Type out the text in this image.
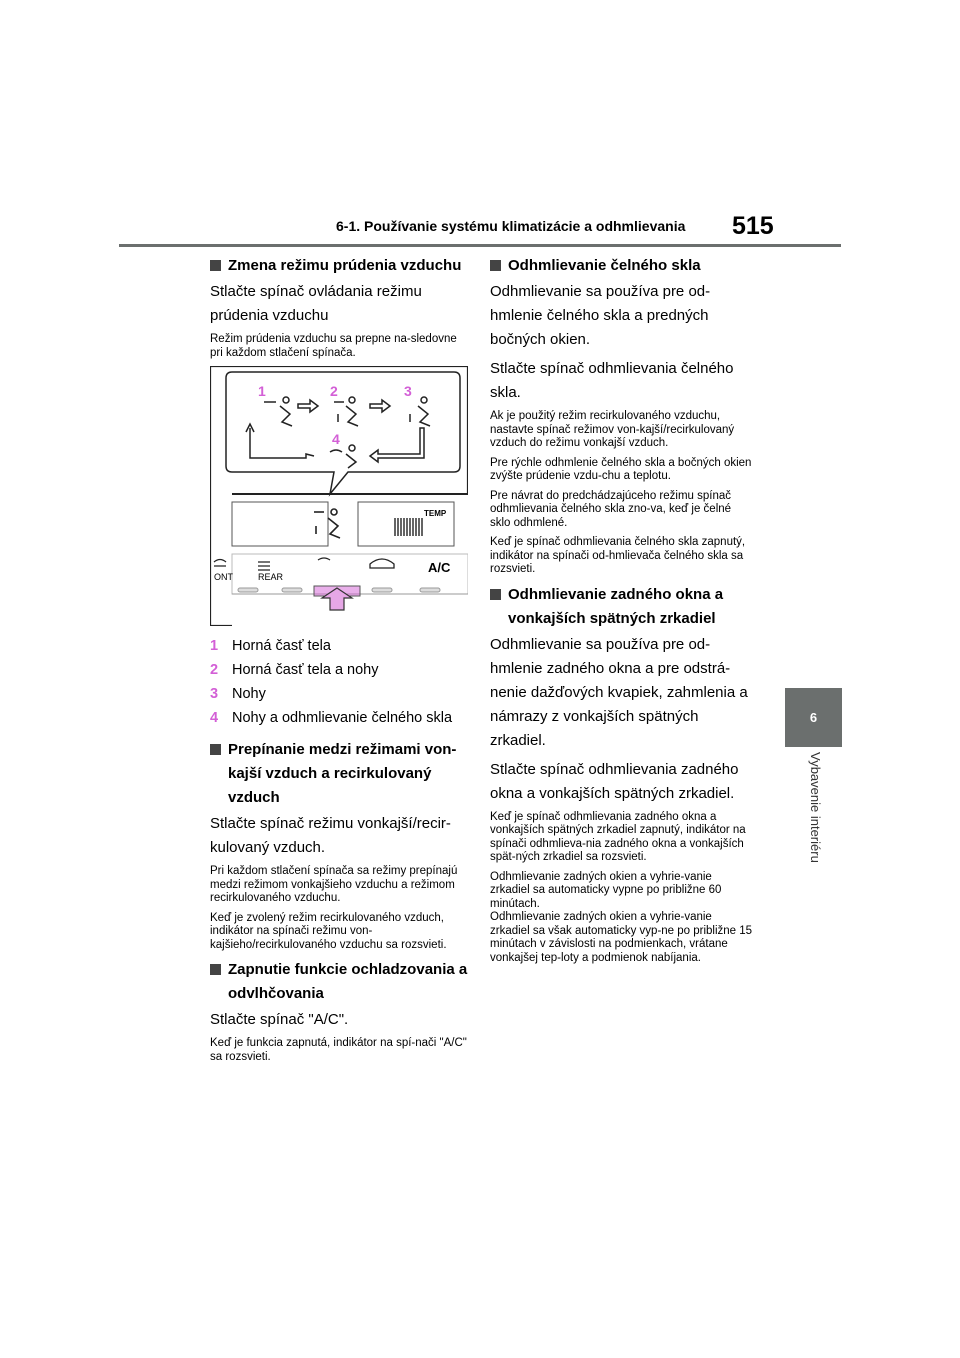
6-1. Používanie systému klimatizácie a odhmlievania 515
6
Vybavenie interiéru
Zmena režimu prúdenia vzduchu
Stlačte spínač ovládania režimu prúdenia vzduchu
Režim prúdenia vzduchu sa prepne na-sledovne pri každom stlačení spínača.
TEMP
ONT	REAR
A/C
1	2	3
4
1 Horná časť tela
2 Horná časť tela a nohy
3 Nohy
4 Nohy a odhmlievanie čelného skla
Prepínanie medzi režimami von-kajší vzduch a recirkulovaný vzduch
Stlačte spínač režimu vonkajší/recir-kulovaný vzduch.
Pri každom stlačení spínača sa režimy prepínajú medzi režimom vonkajšieho vzduchu a režimom recirkulovaného vzduchu.
Keď je zvolený režim recirkulovaného vzduch, indikátor na spínači režimu von-kajšieho/recirkulovaného vzduchu sa rozsvieti.
Zapnutie funkcie ochladzovania a odvlhčovania
Stlačte spínač "A/C".
Keď je funkcia zapnutá, indikátor na spí-nači "A/C" sa rozsvieti.
Odhmlievanie čelného skla
Odhmlievanie sa používa pre od-hmlenie čelného skla a predných bočných okien.
Stlačte spínač odhmlievania čelného skla.
Ak je použitý režim recirkulovaného vzduchu, nastavte spínač režimov von-kajší/recirkulovaný vzduch do režimu vonkajší vzduch.
Pre rýchle odhmlenie čelného skla a bočných okien zvýšte prúdenie vzdu-chu a teplotu.
Pre návrat do predchádzajúceho režimu spínač odhmlievania čelného skla zno-va, keď je čelné sklo odhmlené.
Keď je spínač odhmlievania čelného skla zapnutý, indikátor na spínači od-hmlievača čelného skla sa rozsvieti.
Odhmlievanie zadného okna a vonkajších spätných zrkadiel
Odhmlievanie sa používa pre od-hmlenie zadného okna a pre odstrá-nenie dažďových kvapiek, zahmlenia a námrazy z vonkajších spätných zrkadiel.
Stlačte spínač odhmlievania zadného okna a vonkajších spätných zrkadiel.
Keď je spínač odhmlievania zadného okna a vonkajších spätných zrkadiel zapnutý, indikátor na spínači odhmlieva-nia zadného okna a vonkajších spät-ných zrkadiel sa rozsvieti.
Odhmlievanie zadných okien a vyhrie-vanie zrkadiel sa automaticky vypne po približne 60 minútach.
Odhmlievanie zadných okien a vyhrie-vanie zrkadiel sa však automaticky vyp-ne po približne 15 minútach v závislosti na podmienkach, vrátane vonkajšej tep-loty a podmienok nabíjania.
